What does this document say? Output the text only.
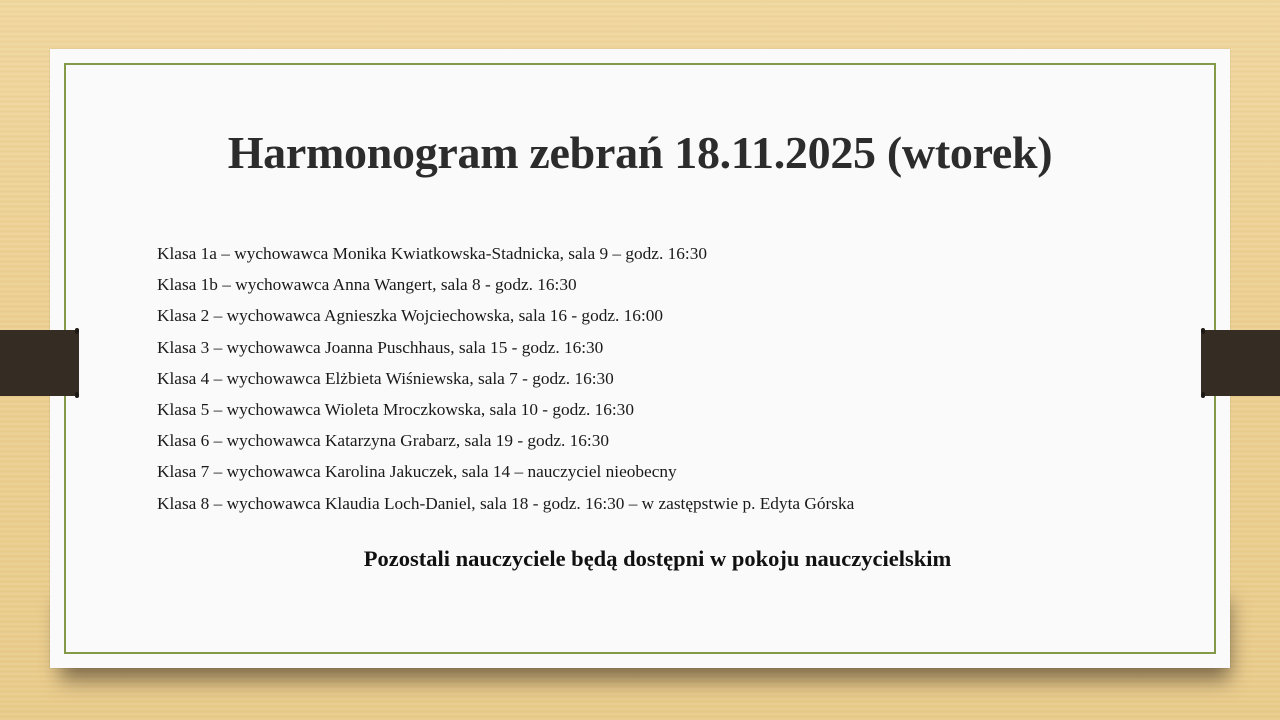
Harmonogram zebrań 18.11.2025 (wtorek)
Klasa 1a – wychowawca Monika Kwiatkowska-Stadnicka, sala 9 – godz. 16:30
Klasa 1b – wychowawca Anna Wangert, sala 8 - godz. 16:30
Klasa 2 – wychowawca Agnieszka Wojciechowska, sala 16 - godz. 16:00
Klasa 3 – wychowawca Joanna Puschhaus, sala 15 - godz. 16:30
Klasa 4 – wychowawca Elżbieta Wiśniewska, sala 7 - godz. 16:30
Klasa 5 – wychowawca Wioleta Mroczkowska, sala 10 - godz. 16:30
Klasa 6 – wychowawca Katarzyna Grabarz, sala 19 - godz. 16:30
Klasa 7 – wychowawca Karolina Jakuczek, sala 14 – nauczyciel nieobecny
Klasa 8 – wychowawca Klaudia Loch-Daniel, sala 18 - godz. 16:30 – w zastępstwie p. Edyta Górska
Pozostali nauczyciele będą dostępni w pokoju nauczycielskim
